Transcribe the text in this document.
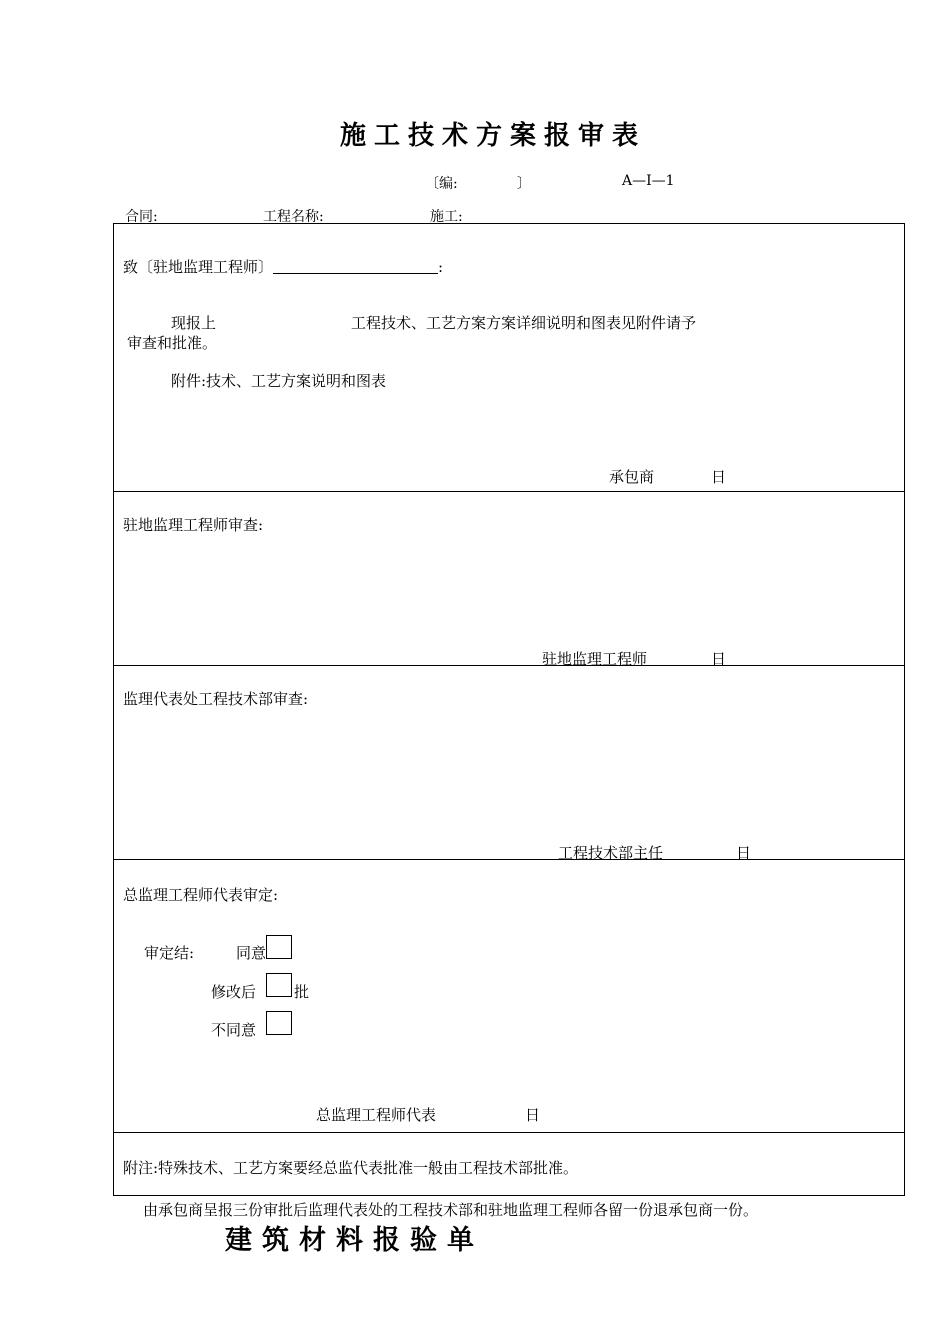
施工技术方案报审表
〔编:	〕	A—Ⅰ—1
合同:	工程名称:	施工:
致〔驻地监理工程师〕	:
现报上	工程技术、工艺方案方案详细说明和图表见附件请予
审查和批准。
附件:技术、工艺方案说明和图表
承包商	日
驻地监理工程师审查:
驻地监理工程师	日
监理代表处工程技术部审查:
工程技术部主任	日
总监理工程师代表审定:
审定结:	同意
修改后	批
不同意
总监理工程师代表	日
附注:特殊技术、工艺方案要经总监代表批准一般由工程技术部批准。
由承包商呈报三份审批后监理代表处的工程技术部和驻地监理工程师各留一份退承包商一份。
建筑材料报验单
